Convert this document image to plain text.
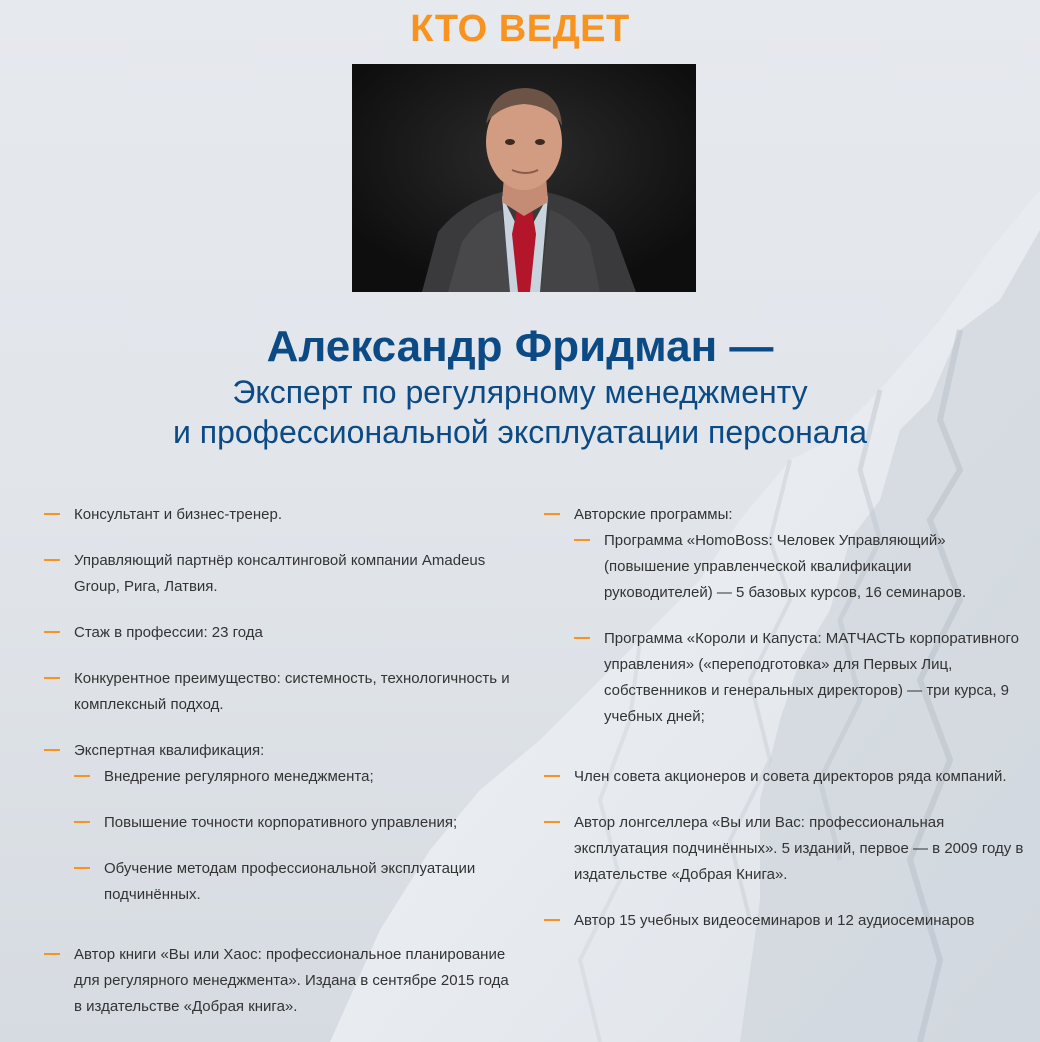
КТО ВЕДЕТ
Александр Фридман —

Эксперт по регулярному менеджменту
и профессиональной эксплуатации персонала

Консультант и бизнес-тренер.
Управляющий партнёр консалтинговой компании Amadeus Group, Рига, Латвия.
Стаж в профессии: 23 года
Конкурентное преимущество: системность, технологичность и комплексный подход.
Экспертная квалификация:
Внедрение регулярного менеджмента;
Повышение точности корпоративного управления;
Обучение методам профессиональной эксплуатации подчинённых.
Автор книги «Вы или Хаос: профессиональное планирование для регулярного менеджмента». Издана в сентябре 2015 года в издательстве «Добрая книга».
Авторские программы:
Программа «HomoBoss: Человек Управляющий» (повышение управленческой квалификации руководителей) — 5 базовых курсов, 16 семинаров.
Программа «Короли и Капуста: МАТЧАСТЬ корпоративного управления» («переподготовка» для Первых Лиц, собственников и генеральных директоров) — три курса, 9 учебных дней;
Член совета акционеров и совета директоров ряда компаний.
Автор лонгселлера «Вы или Вас: профессиональная эксплуатация подчинённых». 5 изданий, первое — в 2009 году в издательстве «Добрая Книга».
Автор 15 учебных видеосеминаров и 12 аудиосеминаров
